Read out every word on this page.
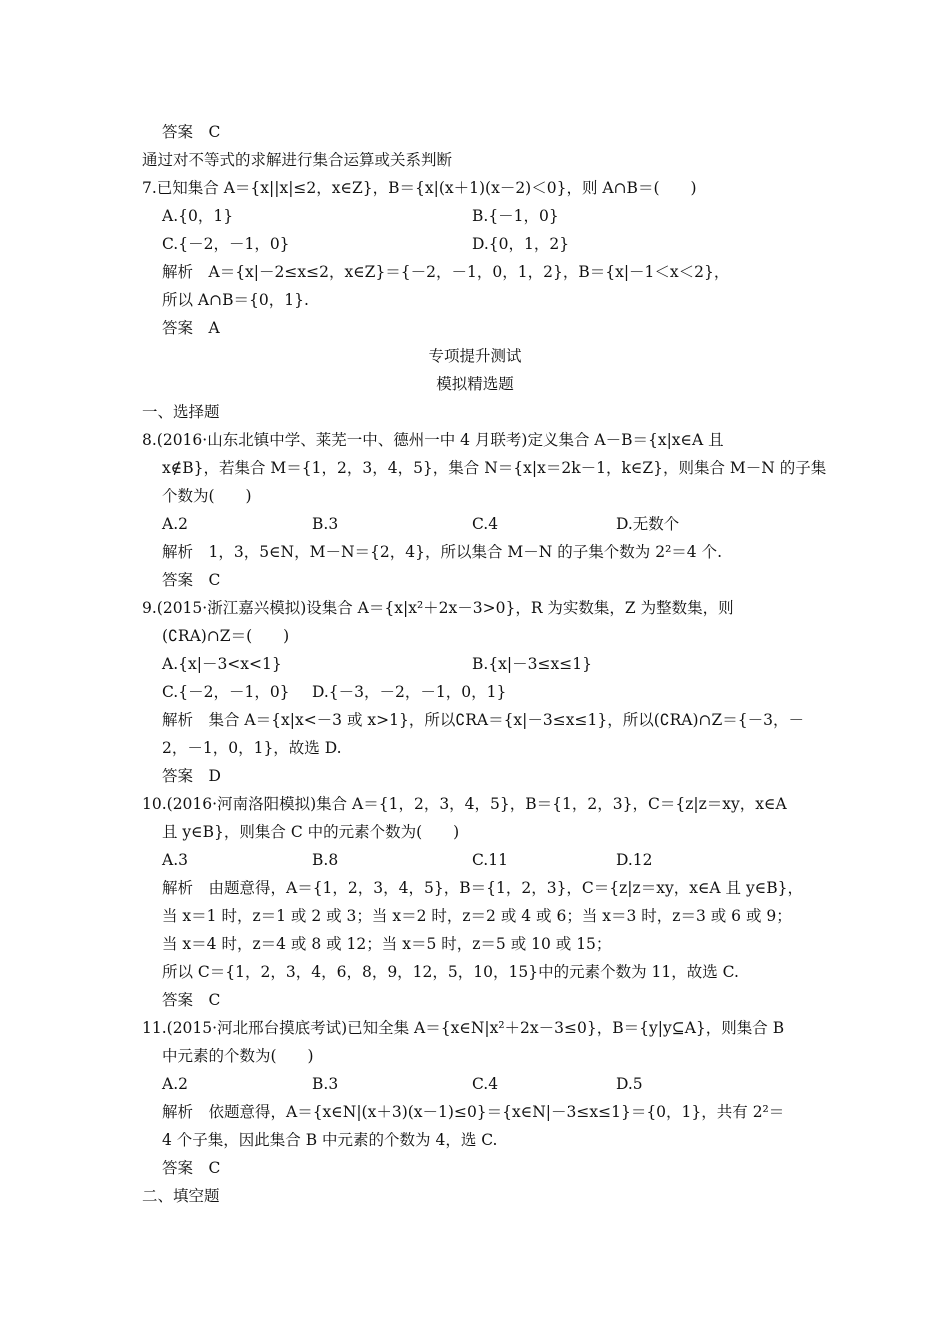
答案　C
通过对不等式的求解进行集合运算或关系判断
7.已知集合 A＝{x||x|≤2，x∈Z}，B＝{x|(x＋1)(x－2)＜0}，则 A∩B＝(　　)
A.{0，1}	B.{－1，0}
C.{－2，－1，0}	D.{0，1，2}
解析　A＝{x|－2≤x≤2，x∈Z}＝{－2，－1，0，1，2}，B＝{x|－1＜x＜2}，
所以 A∩B＝{0，1}.
答案　A
专项提升测试
模拟精选题
一、选择题
8.(2016·山东北镇中学、莱芜一中、德州一中 4 月联考)定义集合 A－B＝{x|x∈A 且
x∉B}，若集合 M＝{1，2，3，4，5}，集合 N＝{x|x＝2k－1，k∈Z}，则集合 M－N 的子集
个数为(　　)
A.2	B.3	C.4	D.无数个
解析　1，3，5∈N，M－N＝{2，4}，所以集合 M－N 的子集个数为 2²＝4 个.
答案　C
9.(2015·浙江嘉兴模拟)设集合 A＝{x|x²＋2x－3>0}，R 为实数集，Z 为整数集，则
(∁RA)∩Z＝(　　)
A.{x|－3<x<1}	B.{x|－3≤x≤1}
C.{－2，－1，0} D.{－3，－2，－1，0，1}
解析　集合 A＝{x|x<－3 或 x>1}，所以∁RA＝{x|－3≤x≤1}，所以(∁RA)∩Z＝{－3，－
2，－1，0，1}，故选 D.
答案　D
10.(2016·河南洛阳模拟)集合 A＝{1，2，3，4，5}，B＝{1，2，3}，C＝{z|z＝xy，x∈A
且 y∈B}，则集合 C 中的元素个数为(　　)
A.3	B.8	C.11	D.12
解析　由题意得，A＝{1，2，3，4，5}，B＝{1，2，3}，C＝{z|z＝xy，x∈A 且 y∈B}，
当 x＝1 时，z＝1 或 2 或 3；当 x＝2 时，z＝2 或 4 或 6；当 x＝3 时，z＝3 或 6 或 9；
当 x＝4 时，z＝4 或 8 或 12；当 x＝5 时，z＝5 或 10 或 15；
所以 C＝{1，2，3，4，6，8，9，12，5，10，15}中的元素个数为 11，故选 C.
答案　C
11.(2015·河北邢台摸底考试)已知全集 A＝{x∈N|x²＋2x－3≤0}，B＝{y|y⊆A}，则集合 B
中元素的个数为(　　)
A.2	B.3	C.4	D.5
解析　依题意得，A＝{x∈N|(x＋3)(x－1)≤0}＝{x∈N|－3≤x≤1}＝{0，1}，共有 2²＝
4 个子集，因此集合 B 中元素的个数为 4，选 C.
答案　C
二、填空题
